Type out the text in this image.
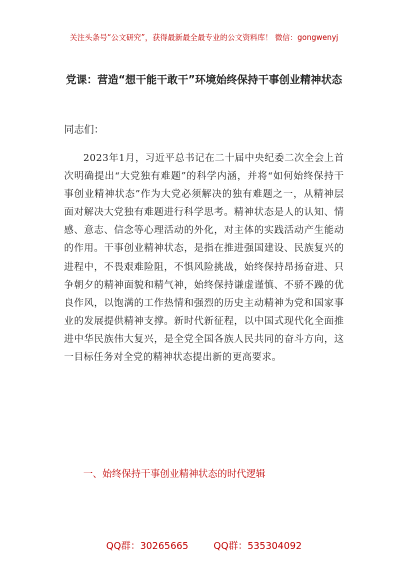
关注头条号“公文研究”，获得最新最全最专业的公文资料库！ 微信：gongwenyj
党课：营造“想干能干敢干”环境始终保持干事创业精神状态
同志们：

2023年1月，习近平总书记在二十届中央纪委二次全会上首次明确提出“大党独有难题”的科学内涵，并将“如何始终保持干事创业精神状态”作为大党必须解决的独有难题之一，从精神层面对解决大党独有难题进行科学思考。精神状态是人的认知、情感、意志、信念等心理活动的外化，对主体的实践活动产生能动的作用。干事创业精神状态，是指在推进强国建设、民族复兴的进程中，不畏艰难险阻，不惧风险挑战，始终保持昂扬奋进、只争朝夕的精神面貌和精气神，始终保持谦虚谨慎、不骄不躁的优良作风，以饱满的工作热情和强烈的历史主动精神为党和国家事业的发展提供精神支撑。新时代新征程，以中国式现代化全面推进中华民族伟大复兴，是全党全国各族人民共同的奋斗方向，这一目标任务对全党的精神状态提出新的更高要求。

一、始终保持干事创业精神状态的时代逻辑
QQ群：30265665	QQ群：535304092
